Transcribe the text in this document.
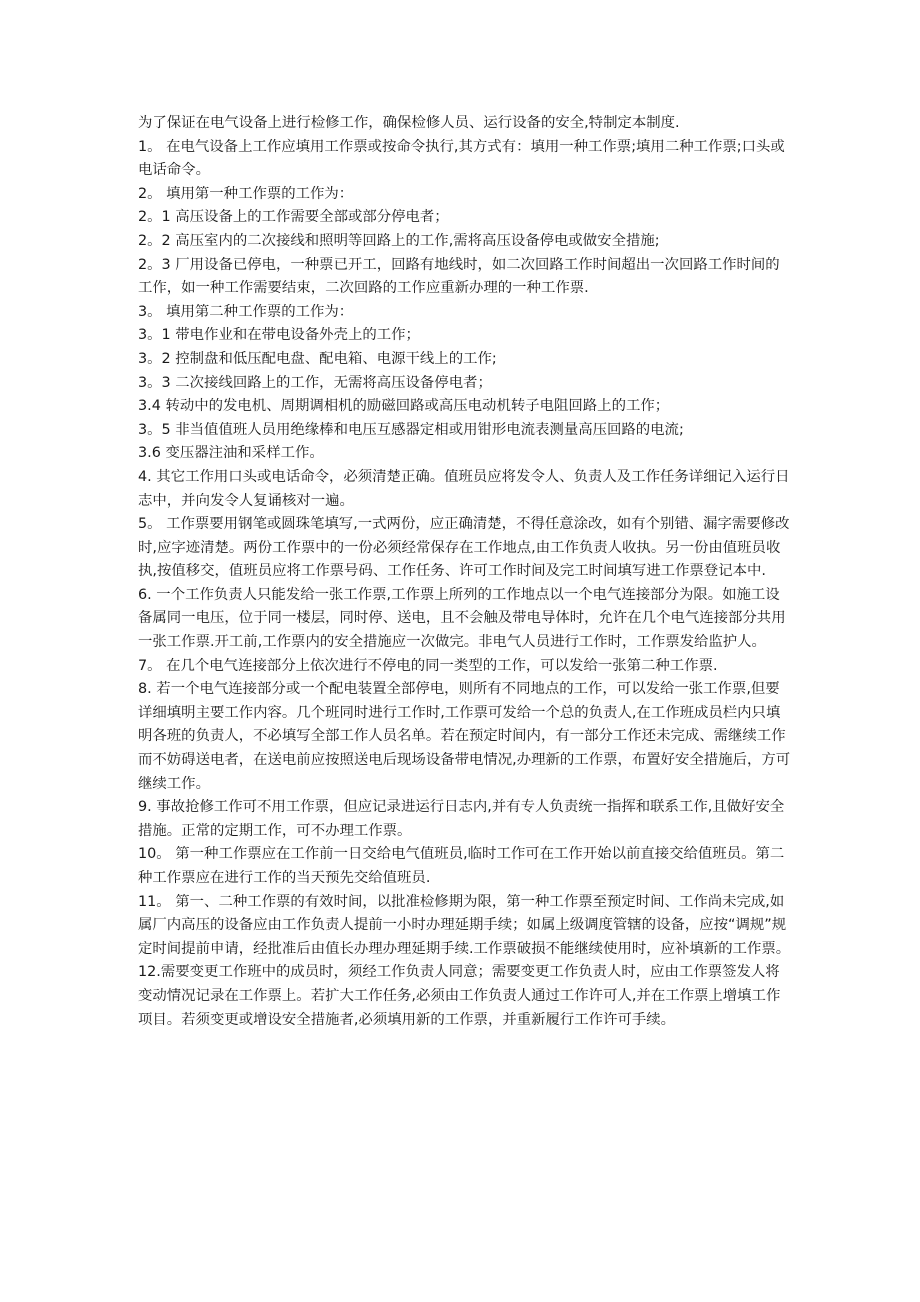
为了保证在电气设备上进行检修工作，确保检修人员、运行设备的安全,特制定本制度.

1。 在电气设备上工作应填用工作票或按命令执行,其方式有：填用一种工作票;填用二种工作票;口头或电话命令。

2。 填用第一种工作票的工作为：

2。1 高压设备上的工作需要全部或部分停电者；

2。2 高压室内的二次接线和照明等回路上的工作,需将高压设备停电或做安全措施;

2。3 厂用设备已停电，一种票已开工，回路有地线时，如二次回路工作时间超出一次回路工作时间的工作，如一种工作需要结束，二次回路的工作应重新办理的一种工作票.

3。 填用第二种工作票的工作为：

3。1 带电作业和在带电设备外壳上的工作；

3。2 控制盘和低压配电盘、配电箱、电源干线上的工作;

3。3 二次接线回路上的工作，无需将高压设备停电者；

3.4 转动中的发电机、周期调相机的励磁回路或高压电动机转子电阻回路上的工作；

3。5 非当值值班人员用绝缘棒和电压互感器定相或用钳形电流表测量高压回路的电流;

3.6 变压器注油和采样工作。

4. 其它工作用口头或电话命令，必须清楚正确。值班员应将发令人、负责人及工作任务详细记入运行日志中，并向发令人复诵核对一遍。

5。 工作票要用钢笔或圆珠笔填写,一式两份，应正确清楚，不得任意涂改，如有个别错、漏字需要修改时,应字迹清楚。两份工作票中的一份必须经常保存在工作地点,由工作负责人收执。另一份由值班员收执,按值移交，值班员应将工作票号码、工作任务、许可工作时间及完工时间填写进工作票登记本中.

6. 一个工作负责人只能发给一张工作票,工作票上所列的工作地点以一个电气连接部分为限。如施工设备属同一电压，位于同一楼层，同时停、送电，且不会触及带电导体时，允许在几个电气连接部分共用一张工作票.开工前,工作票内的安全措施应一次做完。非电气人员进行工作时，工作票发给监护人。

7。 在几个电气连接部分上依次进行不停电的同一类型的工作，可以发给一张第二种工作票.

8. 若一个电气连接部分或一个配电装置全部停电，则所有不同地点的工作，可以发给一张工作票,但要详细填明主要工作内容。几个班同时进行工作时,工作票可发给一个总的负责人,在工作班成员栏内只填明各班的负责人，不必填写全部工作人员名单。若在预定时间内，有一部分工作还未完成、需继续工作而不妨碍送电者，在送电前应按照送电后现场设备带电情况,办理新的工作票，布置好安全措施后，方可继续工作。

9. 事故抢修工作可不用工作票，但应记录进运行日志内,并有专人负责统一指挥和联系工作,且做好安全措施。正常的定期工作，可不办理工作票。

10。 第一种工作票应在工作前一日交给电气值班员,临时工作可在工作开始以前直接交给值班员。第二种工作票应在进行工作的当天预先交给值班员.

11。 第一、二种工作票的有效时间，以批准检修期为限，第一种工作票至预定时间、工作尚未完成,如属厂内高压的设备应由工作负责人提前一小时办理延期手续；如属上级调度管辖的设备，应按“调规”规定时间提前申请，经批准后由值长办理办理延期手续.工作票破损不能继续使用时，应补填新的工作票。

12.需要变更工作班中的成员时，须经工作负责人同意；需要变更工作负责人时，应由工作票签发人将变动情况记录在工作票上。若扩大工作任务,必须由工作负责人通过工作许可人,并在工作票上增填工作项目。若须变更或增设安全措施者,必须填用新的工作票，并重新履行工作许可手续。
